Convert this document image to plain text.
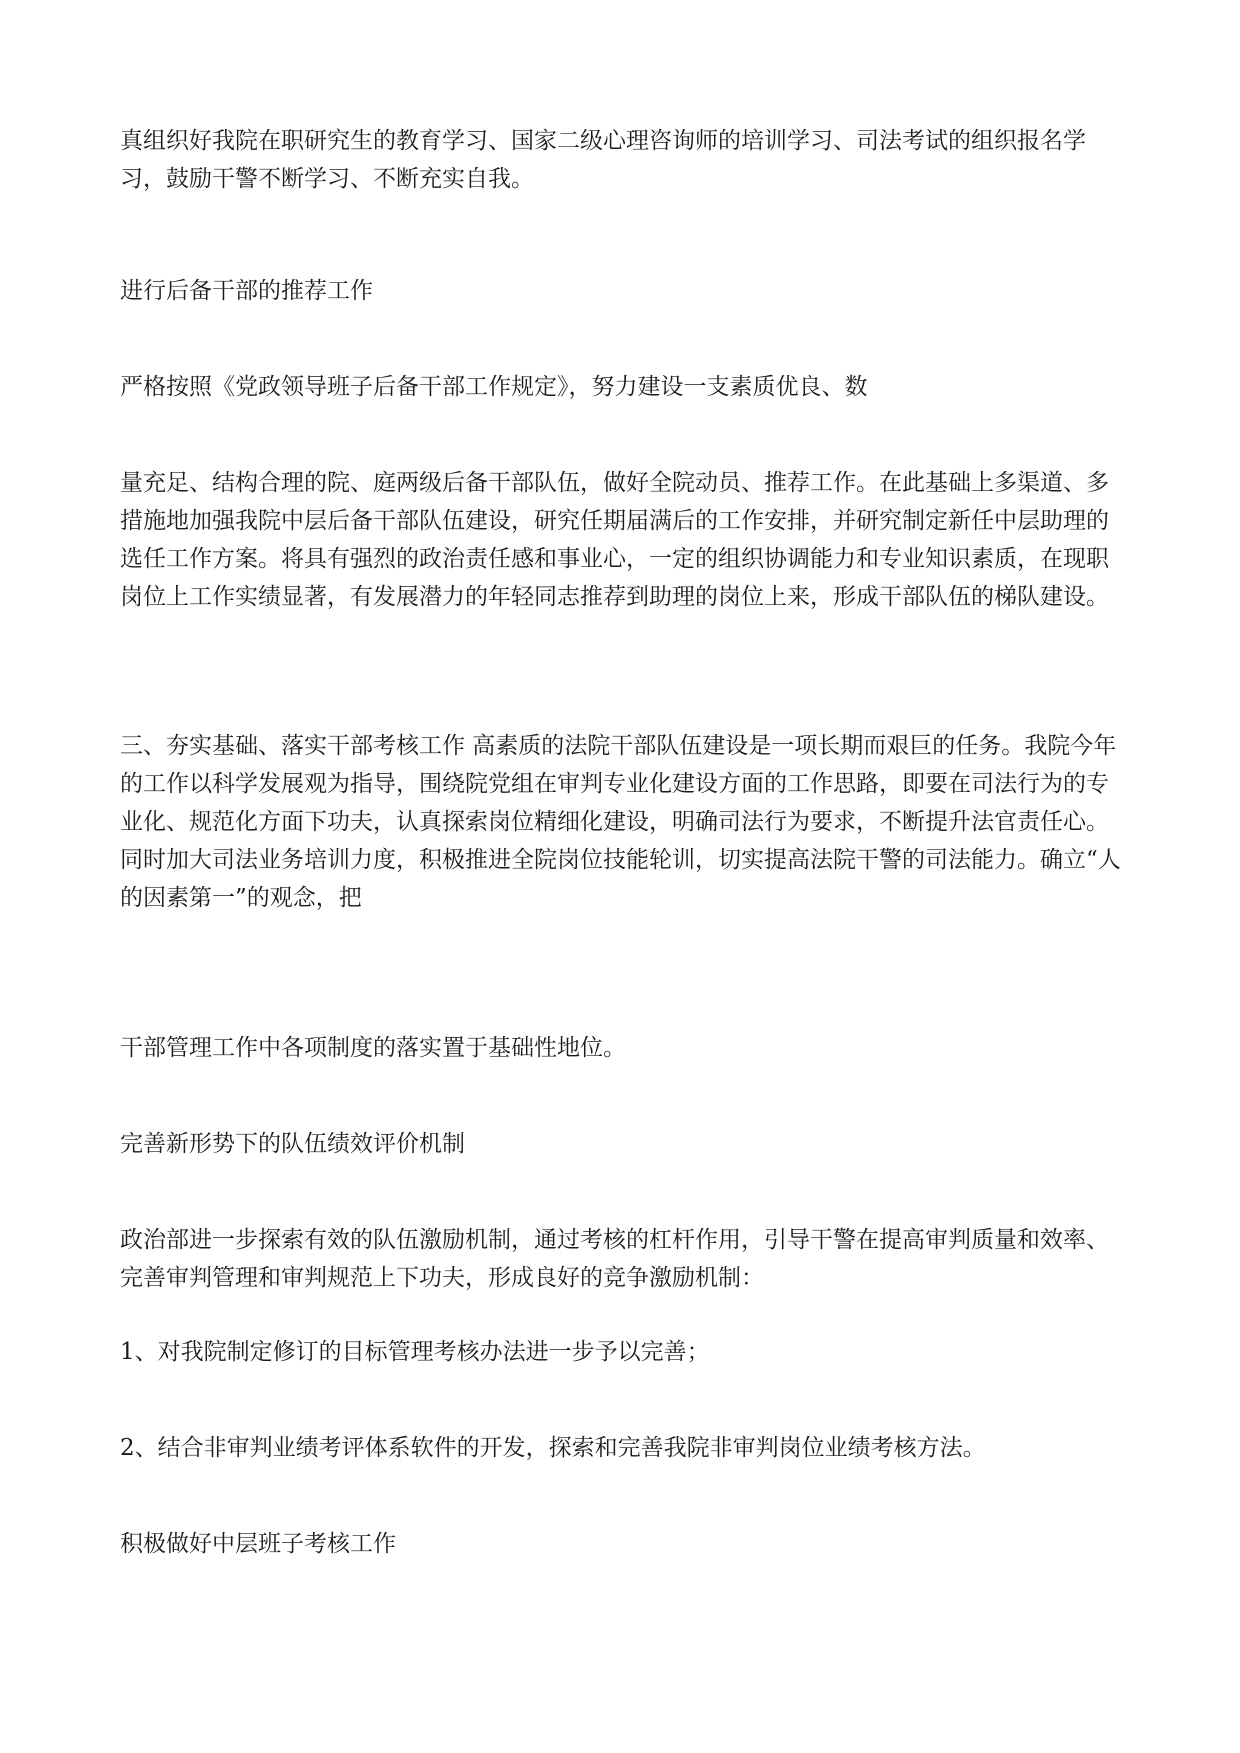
真组织好我院在职研究生的教育学习、国家二级心理咨询师的培训学习、司法考试的组织报名学习，鼓励干警不断学习、不断充实自我。

进行后备干部的推荐工作

严格按照《党政领导班子后备干部工作规定》，努力建设一支素质优良、数

量充足、结构合理的院、庭两级后备干部队伍，做好全院动员、推荐工作。在此基础上多渠道、多措施地加强我院中层后备干部队伍建设，研究任期届满后的工作安排，并研究制定新任中层助理的选任工作方案。将具有强烈的政治责任感和事业心，一定的组织协调能力和专业知识素质，在现职岗位上工作实绩显著，有发展潜力的年轻同志推荐到助理的岗位上来，形成干部队伍的梯队建设。

三、夯实基础、落实干部考核工作 高素质的法院干部队伍建设是一项长期而艰巨的任务。我院今年的工作以科学发展观为指导，围绕院党组在审判专业化建设方面的工作思路，即要在司法行为的专业化、规范化方面下功夫，认真探索岗位精细化建设，明确司法行为要求，不断提升法官责任心。同时加大司法业务培训力度，积极推进全院岗位技能轮训，切实提高法院干警的司法能力。确立“人的因素第一”的观念，把

干部管理工作中各项制度的落实置于基础性地位。

完善新形势下的队伍绩效评价机制

政治部进一步探索有效的队伍激励机制，通过考核的杠杆作用，引导干警在提高审判质量和效率、完善审判管理和审判规范上下功夫，形成良好的竞争激励机制：

1、对我院制定修订的目标管理考核办法进一步予以完善；

2、结合非审判业绩考评体系软件的开发，探索和完善我院非审判岗位业绩考核方法。

积极做好中层班子考核工作
